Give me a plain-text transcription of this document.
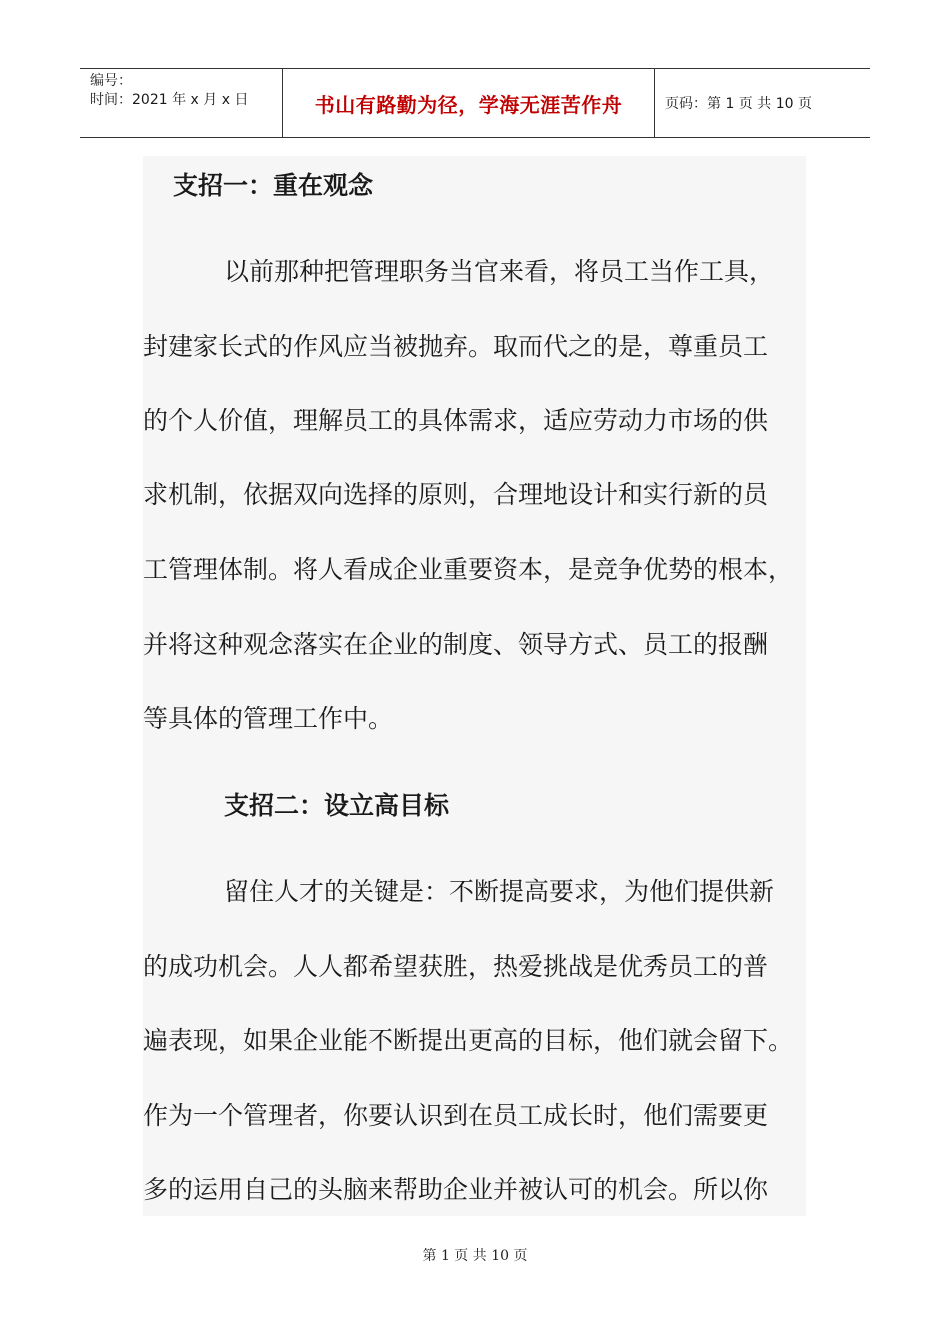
编号：
时间：2021 年 x 月 x 日	书山有路勤为径，学海无涯苦作舟	页码：第 1 页 共 10 页
支招一：重在观念
以前那种把管理职务当官来看，将员工当作工具，
封建家长式的作风应当被抛弃。取而代之的是，尊重员工
的个人价值，理解员工的具体需求，适应劳动力市场的供
求机制，依据双向选择的原则，合理地设计和实行新的员
工管理体制。将人看成企业重要资本，是竞争优势的根本，
并将这种观念落实在企业的制度、领导方式、员工的报酬
等具体的管理工作中。
支招二：设立高目标
留住人才的关键是：不断提高要求，为他们提供新
的成功机会。人人都希望获胜，热爱挑战是优秀员工的普
遍表现，如果企业能不断提出更高的目标，他们就会留下。
作为一个管理者，你要认识到在员工成长时，他们需要更
多的运用自己的头脑来帮助企业并被认可的机会。所以你
第 1 页 共 10 页
